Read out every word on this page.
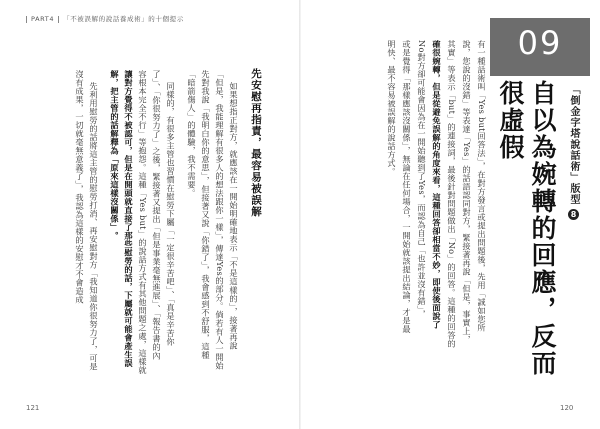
PART4 「不被誤解的說話養成術」的十個提示
先安慰再指責，最容易被誤解
如果想指正對方，就應該在一開始明確地表示「不是這樣的」，接著再說
「但是，我能理解有很多人的想法跟你一樣」，傳達Yes的部分。倘若有人一開始
先對我說「我明白你的意思」，但接著又說「你錯了」，我會感到不舒服，這種
「暗箭傷人」的體驗，我不需要。
同樣的，有很多主管也習慣在慰勞下屬「一定很辛苦吧」、「真是辛苦你
了」、「你很努力了」之後，緊接著又提出「但是事業毫無進展」、「報告書的內
容根本完全不行」等抱怨。這種「Yes but」的說話方式有其他問題之處，這樣就
讓對方覺得不被認可，但是在開頭就直接了那些慰勞的話，下屬就可能會產生誤
解，把主管的話解釋為「原來這樣沒關係」。
先利用慰勞的話將這主管的慰勞打消、再安慰對方「我知道你很努力了，可是
沒有成果，一切就毫無意義了」，我認為這樣的安慰才不會造成
121
09
「倒金字塔說話術」版型 8
自以為婉轉的回應，反而很虛假
有一種話術叫「Yes but回答法」，在對方發言或提出問題後，先用「誠如您所
說，您說的沒錯」等表達「Yes」的話語認同對方，緊接著再說「但是，事實上，
其實」等表示「but」的連接詞，最後針對問題做出「No」的回答。這種的回答的
確很婉轉，但是從避免誤解的角度來看，這種回答卻相當不妙，即使後面說了
No對方卻可能會因為在一開始聽到了Yes，而認為自己「也許並沒有錯」，
或是覺得「那樣應該沒關係」，無論在任何場合，一開始就該提出結論，才是最
明快、最不容易被誤解的說話方式。
120
